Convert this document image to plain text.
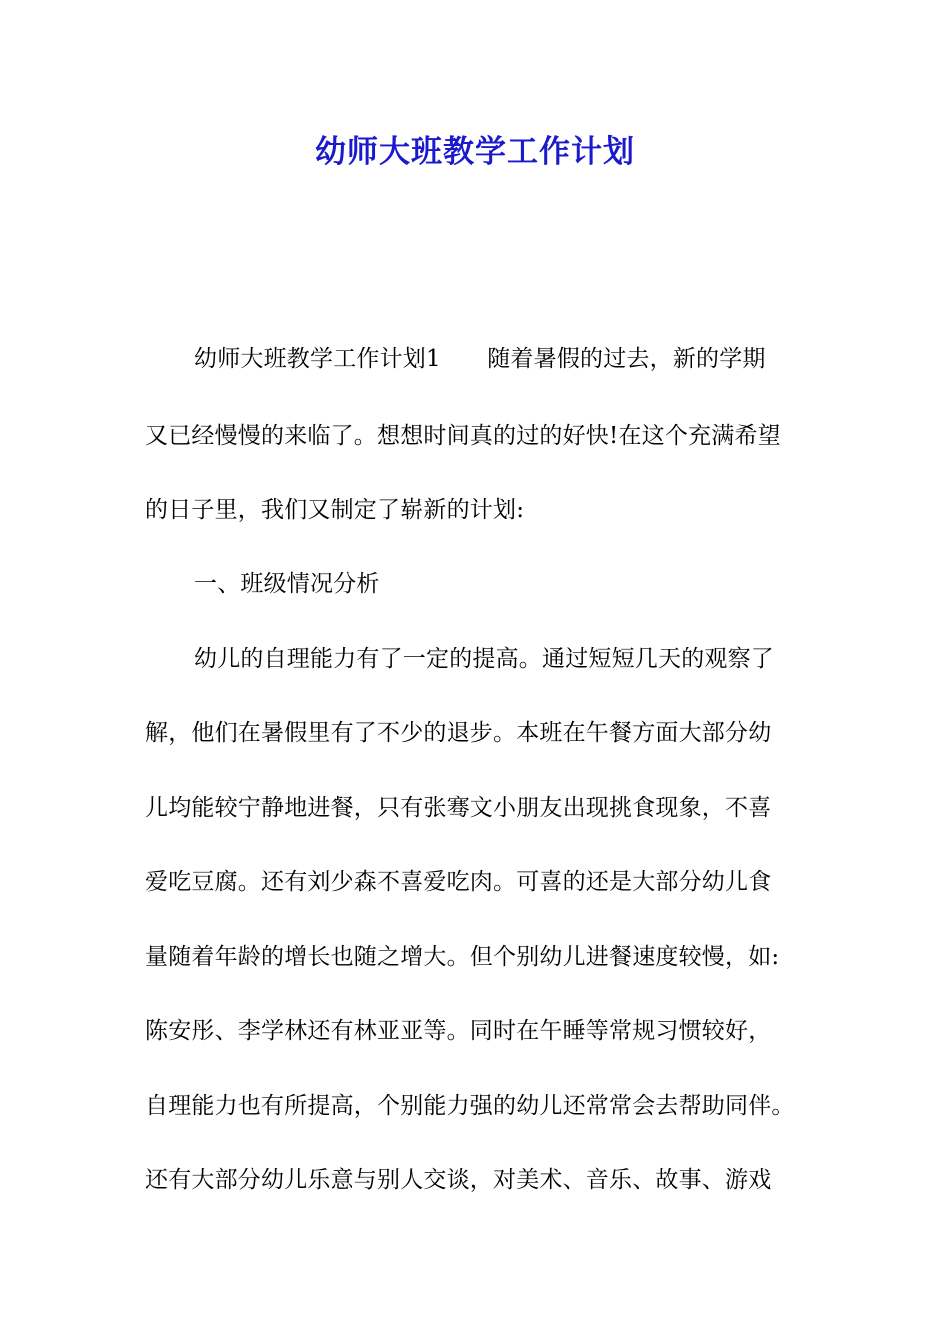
幼师大班教学工作计划
幼师大班教学工作计划1　　随着暑假的过去，新的学期
又已经慢慢的来临了。想想时间真的过的好快!在这个充满希望
的日子里，我们又制定了崭新的计划:
一、班级情况分析
幼儿的自理能力有了一定的提高。通过短短几天的观察了
解，他们在暑假里有了不少的退步。本班在午餐方面大部分幼
儿均能较宁静地进餐，只有张骞文小朋友出现挑食现象，不喜
爱吃豆腐。还有刘少森不喜爱吃肉。可喜的还是大部分幼儿食
量随着年龄的增长也随之增大。但个别幼儿进餐速度较慢，如:
陈安彤、李学林还有林亚亚等。同时在午睡等常规习惯较好，
自理能力也有所提高，个别能力强的幼儿还常常会去帮助同伴。
还有大部分幼儿乐意与别人交谈，对美术、音乐、故事、游戏
